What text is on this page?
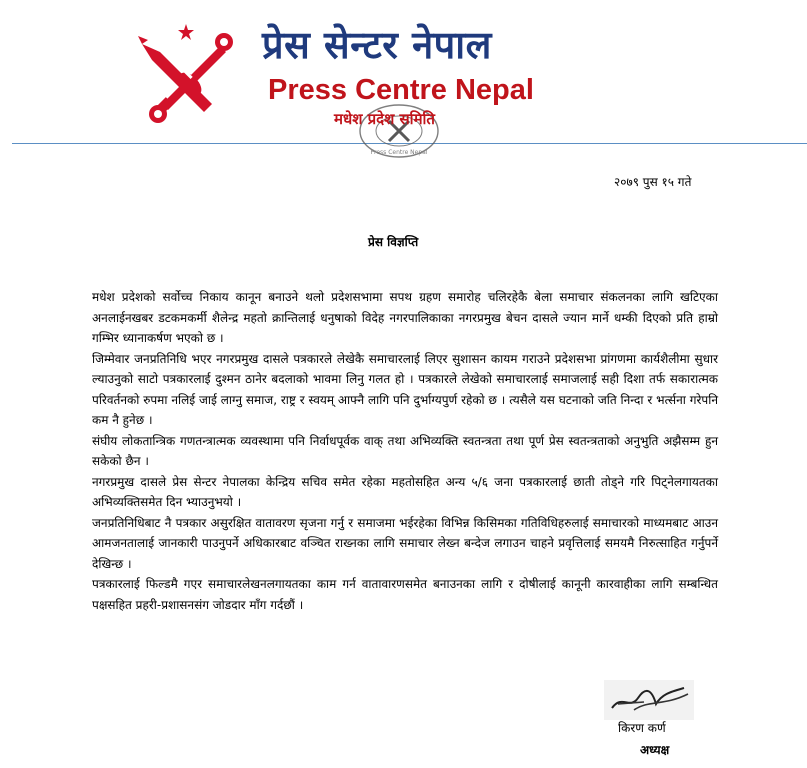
प्रेस सेन्टर नेपाल
Press Centre Nepal
Press Centre Nepal
मधेश प्रदेश समिति
२०७९ पुस १५ गते
प्रेस विज्ञप्ति

मधेश प्रदेशको सर्वोच्च निकाय कानून बनाउने थलो प्रदेशसभामा सपथ ग्रहण समारोह चलिरहेकै बेला समाचार संकलनका लागि खटिएका अनलाईनखबर डटकमकर्मी शैलेन्द्र महतो क्रान्तिलाई धनुषाको विदेह नगरपालिकाका नगरप्रमुख बेचन दासले ज्यान मार्ने धम्की दिएको प्रति हाम्रो गम्भिर ध्यानाकर्षण भएको छ ।

जिम्मेवार जनप्रतिनिधि भएर नगरप्रमुख दासले पत्रकारले लेखेकै समाचारलाई लिएर सुशासन कायम गराउने प्रदेशसभा प्रांगणमा कार्यशैलीमा सुधार ल्याउनुको साटो पत्रकारलाई दुश्मन ठानेर बदलाको भावमा लिनु गलत हो । पत्रकारले लेखेको समाचारलाई समाजलाई सही दिशा तर्फ सकारात्मक परिवर्तनको रुपमा नलिई जाई लाग्नु समाज, राष्ट्र र स्वयम् आफ्नै लागि पनि दुर्भाग्यपुर्ण रहेको छ । त्यसैले यस घटनाको जति निन्दा र भर्त्सना गरेपनि कम नै हुनेछ ।

संघीय लोकतान्त्रिक गणतन्त्रात्मक व्यवस्थामा पनि निर्वाधपूर्वक वाक् तथा अभिव्यक्ति स्वतन्त्रता तथा पूर्ण प्रेस स्वतन्त्रताको अनुभुति अझैसम्म हुन सकेको छैन ।

नगरप्रमुख दासले प्रेस सेन्टर नेपालका केन्द्रिय सचिव समेत रहेका महतोसहित अन्य ५/६ जना पत्रकारलाई छाती तोड्ने गरि पिट्नेलगायतका अभिव्यक्तिसमेत दिन भ्याउनुभयो ।

जनप्रतिनिधिबाट नै पत्रकार असुरक्षित वातावरण सृजना गर्नु र समाजमा भईरहेका विभिन्न किसिमका गतिविधिहरुलाई समाचारको माध्यमबाट आउन आमजनतालाई जानकारी पाउनुपर्ने अधिकारबाट वञ्चित राख्नका लागि समाचार लेख्न बन्देज लगाउन चाहने प्रवृत्तिलाई समयमै निरुत्साहित गर्नुपर्ने देखिन्छ ।

पत्रकारलाई फिल्डमै गएर समाचारलेखनलगायतका काम गर्न वातावारणसमेत बनाउनका लागि र दोषीलाई कानूनी कारवाहीका लागि सम्बन्धित पक्षसहित प्रहरी-प्रशासनसंग जोडदार माँग गर्दछौं ।

किरण कर्ण
अध्यक्ष
